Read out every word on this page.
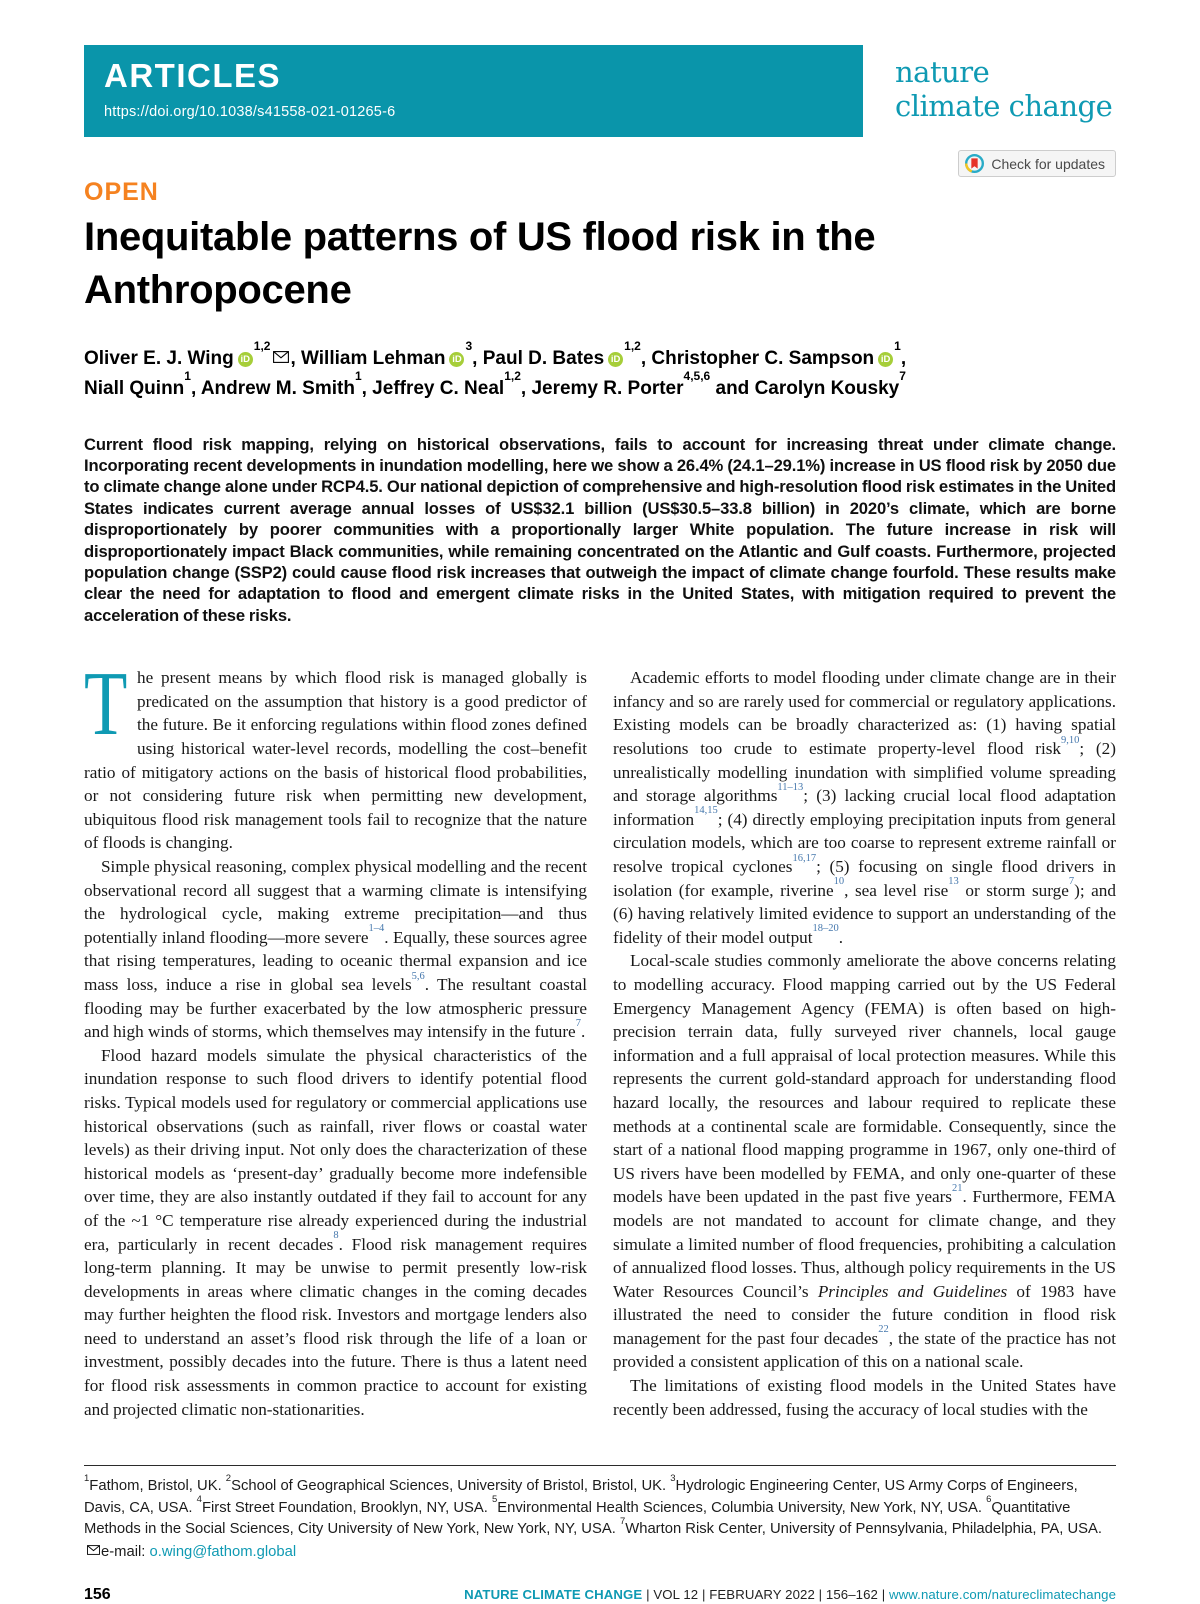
ARTICLES
https://doi.org/10.1038/s41558-021-01265-6
nature
climate change
Check for updates
OPEN
Inequitable patterns of US flood risk in the Anthropocene
Oliver E. J. Wing iD$^{1,2}$, William Lehman $iD^3$, Paul D. Bates iD$^{1,2}$, Christopher C. Sampson $iD^1$,
Niall Quinn$^1$, Andrew M. Smith$^1$, Jeffrey C. Neal$^{1,2}$, Jeremy R. Porter$^{4,5,6}$ and Carolyn Kousky$^7$
Current flood risk mapping, relying on historical observations, fails to account for increasing threat under climate change. Incorporating recent developments in inundation modelling, here we show a 26.4% (24.1–29.1%) increase in US flood risk by 2050 due to climate change alone under RCP4.5. Our national depiction of comprehensive and high-resolution flood risk estimates in the United States indicates current average annual losses of US$32.1 billion (US$30.5–33.8 billion) in 2020’s climate, which are borne disproportionately by poorer communities with a proportionally larger White population. The future increase in risk will disproportionately impact Black communities, while remaining concentrated on the Atlantic and Gulf coasts. Furthermore, projected population change (SSP2) could cause flood risk increases that outweigh the impact of climate change fourfold. These results make clear the need for adaptation to flood and emergent climate risks in the United States, with mitigation required to prevent the acceleration of these risks.

The present means by which flood risk is managed globally is predicated on the assumption that history is a good predictor of the future. Be it enforcing regulations within flood zones defined using historical water-level records, modelling the cost–benefit ratio of mitigatory actions on the basis of historical flood probabilities, or not considering future risk when permitting new development, ubiquitous flood risk management tools fail to recognize that the nature of floods is changing.

Simple physical reasoning, complex physical modelling and the recent observational record all suggest that a warming climate is intensifying the hydrological cycle, making extreme precipitation—and thus potentially inland flooding—more severe$^{1-4}$. Equally, these sources agree that rising temperatures, leading to oceanic thermal expansion and ice mass loss, induce a rise in global sea levels$^{5,6}$. The resultant coastal flooding may be further exacerbated by the low atmospheric pressure and high winds of storms, which themselves may intensify in the future$^7$.

Flood hazard models simulate the physical characteristics of the inundation response to such flood drivers to identify potential flood risks. Typical models used for regulatory or commercial applications use historical observations (such as rainfall, river flows or coastal water levels) as their driving input. Not only does the characterization of these historical models as ‘present-day’ gradually become more indefensible over time, they are also instantly outdated if they fail to account for any of the ~1 °C temperature rise already experienced during the industrial era, particularly in recent decades$^8$. Flood risk management requires long-term planning. It may be unwise to permit presently low-risk developments in areas where climatic changes in the coming decades may further heighten the flood risk. Investors and mortgage lenders also need to understand an asset’s flood risk through the life of a loan or investment, possibly decades into the future. There is thus a latent need for flood risk assessments in common practice to account for existing and projected climatic non-stationarities.

Academic efforts to model flooding under climate change are in their infancy and so are rarely used for commercial or regulatory applications. Existing models can be broadly characterized as: (1) having spatial resolutions too crude to estimate property-level flood risk$^{9,10}$; (2) unrealistically modelling inundation with simplified volume spreading and storage algorithms$^{11-13}$; (3) lacking crucial local flood adaptation information$^{14,15}$; (4) directly employing precipitation inputs from general circulation models, which are too coarse to represent extreme rainfall or resolve tropical cyclones$^{16,17}$; (5) focusing on single flood drivers in isolation (for example, riverine$^{10}$, sea level rise$^{13}$ or storm surge$^7$); and (6) having relatively limited evidence to support an understanding of the fidelity of their model output$^{18-20}$.

Local-scale studies commonly ameliorate the above concerns relating to modelling accuracy. Flood mapping carried out by the US Federal Emergency Management Agency (FEMA) is often based on high-precision terrain data, fully surveyed river channels, local gauge information and a full appraisal of local protection measures. While this represents the current gold-standard approach for understanding flood hazard locally, the resources and labour required to replicate these methods at a continental scale are formidable. Consequently, since the start of a national flood mapping programme in 1967, only one-third of US rivers have been modelled by FEMA, and only one-quarter of these models have been updated in the past five years$^{21}$. Furthermore, FEMA models are not mandated to account for climate change, and they simulate a limited number of flood frequencies, prohibiting a calculation of annualized flood losses. Thus, although policy requirements in the US Water Resources Council’s Principles and Guidelines of 1983 have illustrated the need to consider the future condition in flood risk management for the past four decades$^{22}$, the state of the practice has not provided a consistent application of this on a national scale.

The limitations of existing flood models in the United States have recently been addressed, fusing the accuracy of local studies with the

$^1$Fathom, Bristol, UK. $^2$School of Geographical Sciences, University of Bristol, Bristol, UK. $^3$Hydrologic Engineering Center, US Army Corps of Engineers, Davis, CA, USA. $^4$First Street Foundation, Brooklyn, NY, USA. $^5$Environmental Health Sciences, Columbia University, New York, NY, USA. $^6$Quantitative Methods in the Social Sciences, City University of New York, New York, NY, USA. $^7$Wharton Risk Center, University of Pennsylvania, Philadelphia, PA, USA.
e-mail: o.wing@fathom.global
156	NATURE CLIMATE CHANGE | VOL 12 | FEBRUARY 2022 | 156–162 | www.nature.com/natureclimatechange
